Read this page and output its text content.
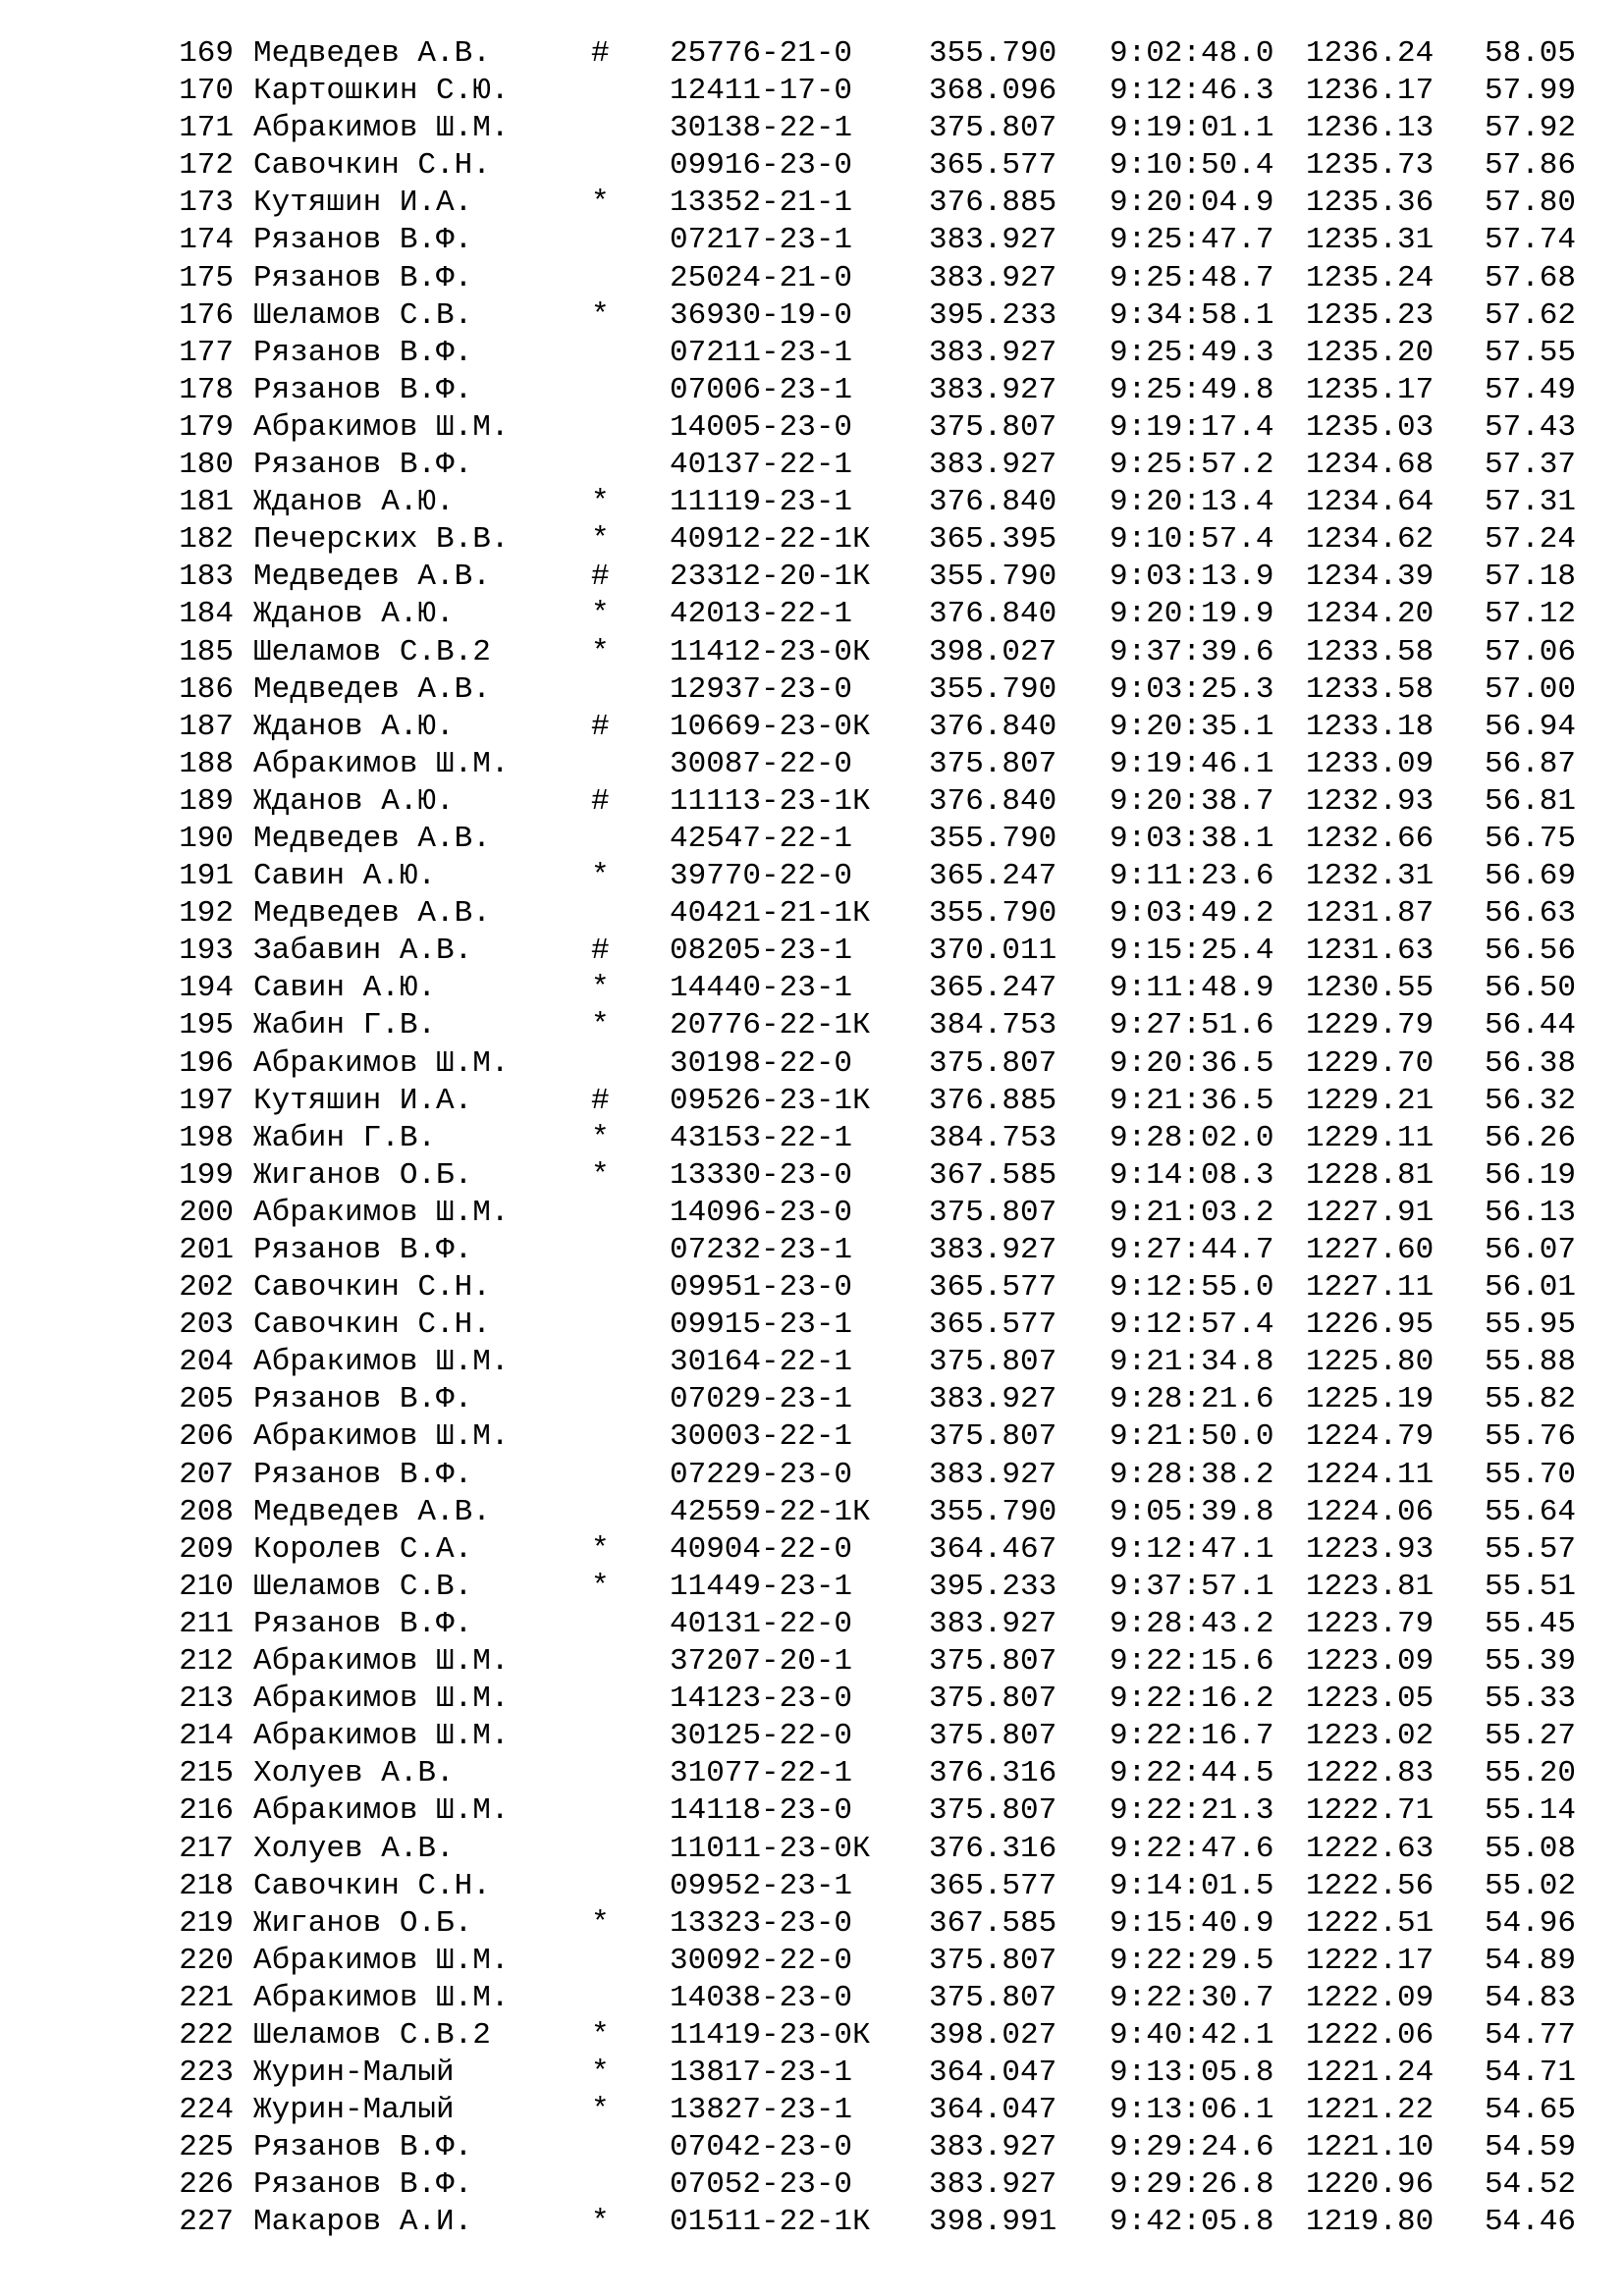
169 Медведев А.В.	# 25776-21-0	355.790 9:02:48.0 1236.24 58.05
170 Картошкин С.Ю.	12411-17-0	368.096 9:12:46.3 1236.17 57.99
171 Абракимов Ш.М.	30138-22-1	375.807 9:19:01.1 1236.13 57.92
172 Савочкин С.Н.	09916-23-0	365.577 9:10:50.4 1235.73 57.86
173 Кутяшин И.А.	* 13352-21-1	376.885 9:20:04.9 1235.36 57.80
174 Рязанов В.Ф.	07217-23-1	383.927 9:25:47.7 1235.31 57.74
175 Рязанов В.Ф.	25024-21-0	383.927 9:25:48.7 1235.24 57.68
176 Шеламов С.В.	* 36930-19-0	395.233 9:34:58.1 1235.23 57.62
177 Рязанов В.Ф.	07211-23-1	383.927 9:25:49.3 1235.20 57.55
178 Рязанов В.Ф.	07006-23-1	383.927 9:25:49.8 1235.17 57.49
179 Абракимов Ш.М.	14005-23-0	375.807 9:19:17.4 1235.03 57.43
180 Рязанов В.Ф.	40137-22-1	383.927 9:25:57.2 1234.68 57.37
181 Жданов А.Ю.	* 11119-23-1	376.840 9:20:13.4 1234.64 57.31
182 Печерских В.В.	* 40912-22-1К 365.395 9:10:57.4 1234.62 57.24
183 Медведев А.В.	# 23312-20-1К 355.790 9:03:13.9 1234.39 57.18
184 Жданов А.Ю.	* 42013-22-1	376.840 9:20:19.9 1234.20 57.12
185 Шеламов С.В.2	* 11412-23-0К 398.027 9:37:39.6 1233.58 57.06
186 Медведев А.В.	12937-23-0	355.790 9:03:25.3 1233.58 57.00
187 Жданов А.Ю.	# 10669-23-0К 376.840 9:20:35.1 1233.18 56.94
188 Абракимов Ш.М.	30087-22-0	375.807 9:19:46.1 1233.09 56.87
189 Жданов А.Ю.	# 11113-23-1К 376.840 9:20:38.7 1232.93 56.81
190 Медведев А.В.	42547-22-1	355.790 9:03:38.1 1232.66 56.75
191 Савин А.Ю.	* 39770-22-0	365.247 9:11:23.6 1232.31 56.69
192 Медведев А.В.	40421-21-1К 355.790 9:03:49.2 1231.87 56.63
193 Забавин А.В.	# 08205-23-1	370.011 9:15:25.4 1231.63 56.56
194 Савин А.Ю.	* 14440-23-1	365.247 9:11:48.9 1230.55 56.50
195 Жабин Г.В.	* 20776-22-1К 384.753 9:27:51.6 1229.79 56.44
196 Абракимов Ш.М.	30198-22-0	375.807 9:20:36.5 1229.70 56.38
197 Кутяшин И.А.	# 09526-23-1К 376.885 9:21:36.5 1229.21 56.32
198 Жабин Г.В.	* 43153-22-1	384.753 9:28:02.0 1229.11 56.26
199 Жиганов О.Б.	* 13330-23-0	367.585 9:14:08.3 1228.81 56.19
200 Абракимов Ш.М.	14096-23-0	375.807 9:21:03.2 1227.91 56.13
201 Рязанов В.Ф.	07232-23-1	383.927 9:27:44.7 1227.60 56.07
202 Савочкин С.Н.	09951-23-0	365.577 9:12:55.0 1227.11 56.01
203 Савочкин С.Н.	09915-23-1	365.577 9:12:57.4 1226.95 55.95
204 Абракимов Ш.М.	30164-22-1	375.807 9:21:34.8 1225.80 55.88
205 Рязанов В.Ф.	07029-23-1	383.927 9:28:21.6 1225.19 55.82
206 Абракимов Ш.М.	30003-22-1	375.807 9:21:50.0 1224.79 55.76
207 Рязанов В.Ф.	07229-23-0	383.927 9:28:38.2 1224.11 55.70
208 Медведев А.В.	42559-22-1К 355.790 9:05:39.8 1224.06 55.64
209 Королев С.А.	* 40904-22-0	364.467 9:12:47.1 1223.93 55.57
210 Шеламов С.В.	* 11449-23-1	395.233 9:37:57.1 1223.81 55.51
211 Рязанов В.Ф.	40131-22-0	383.927 9:28:43.2 1223.79 55.45
212 Абракимов Ш.М.	37207-20-1	375.807 9:22:15.6 1223.09 55.39
213 Абракимов Ш.М.	14123-23-0	375.807 9:22:16.2 1223.05 55.33
214 Абракимов Ш.М.	30125-22-0	375.807 9:22:16.7 1223.02 55.27
215 Холуев А.В.	31077-22-1	376.316 9:22:44.5 1222.83 55.20
216 Абракимов Ш.М.	14118-23-0	375.807 9:22:21.3 1222.71 55.14
217 Холуев А.В.	11011-23-0К 376.316 9:22:47.6 1222.63 55.08
218 Савочкин С.Н.	09952-23-1	365.577 9:14:01.5 1222.56 55.02
219 Жиганов О.Б.	* 13323-23-0	367.585 9:15:40.9 1222.51 54.96
220 Абракимов Ш.М.	30092-22-0	375.807 9:22:29.5 1222.17 54.89
221 Абракимов Ш.М.	14038-23-0	375.807 9:22:30.7 1222.09 54.83
222 Шеламов С.В.2	* 11419-23-0К 398.027 9:40:42.1 1222.06 54.77
223 Журин-Малый	* 13817-23-1	364.047 9:13:05.8 1221.24 54.71
224 Журин-Малый	* 13827-23-1	364.047 9:13:06.1 1221.22 54.65
225 Рязанов В.Ф.	07042-23-0	383.927 9:29:24.6 1221.10 54.59
226 Рязанов В.Ф.	07052-23-0	383.927 9:29:26.8 1220.96 54.52
227 Макаров А.И.	* 01511-22-1К 398.991 9:42:05.8 1219.80 54.46
